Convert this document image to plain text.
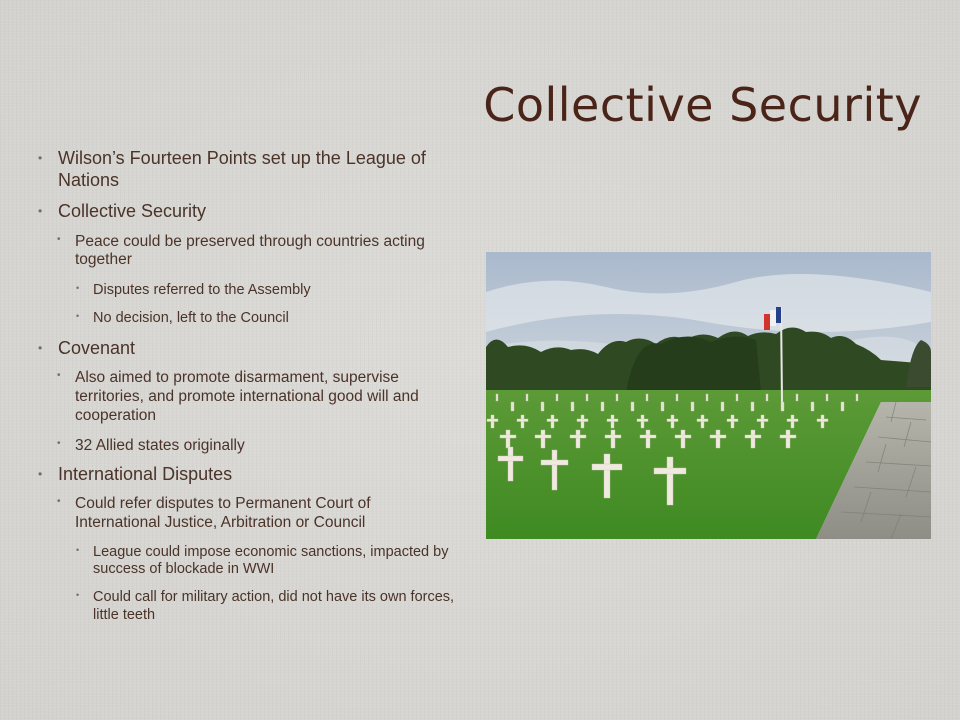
Collective Security
• Wilson’s Fourteen Points set up the League of Nations
• Collective Security
• Peace could be preserved through countries acting together
• Disputes referred to the Assembly
• No decision, left to the Council
• Covenant
• Also aimed to promote disarmament, supervise territories, and promote international good will and cooperation
• 32 Allied states originally
• International Disputes
• Could refer disputes to Permanent Court of International Justice, Arbitration or Council
• League could impose economic sanctions, impacted by success of blockade in WWI
• Could call for military action, did not have its own forces, little teeth
